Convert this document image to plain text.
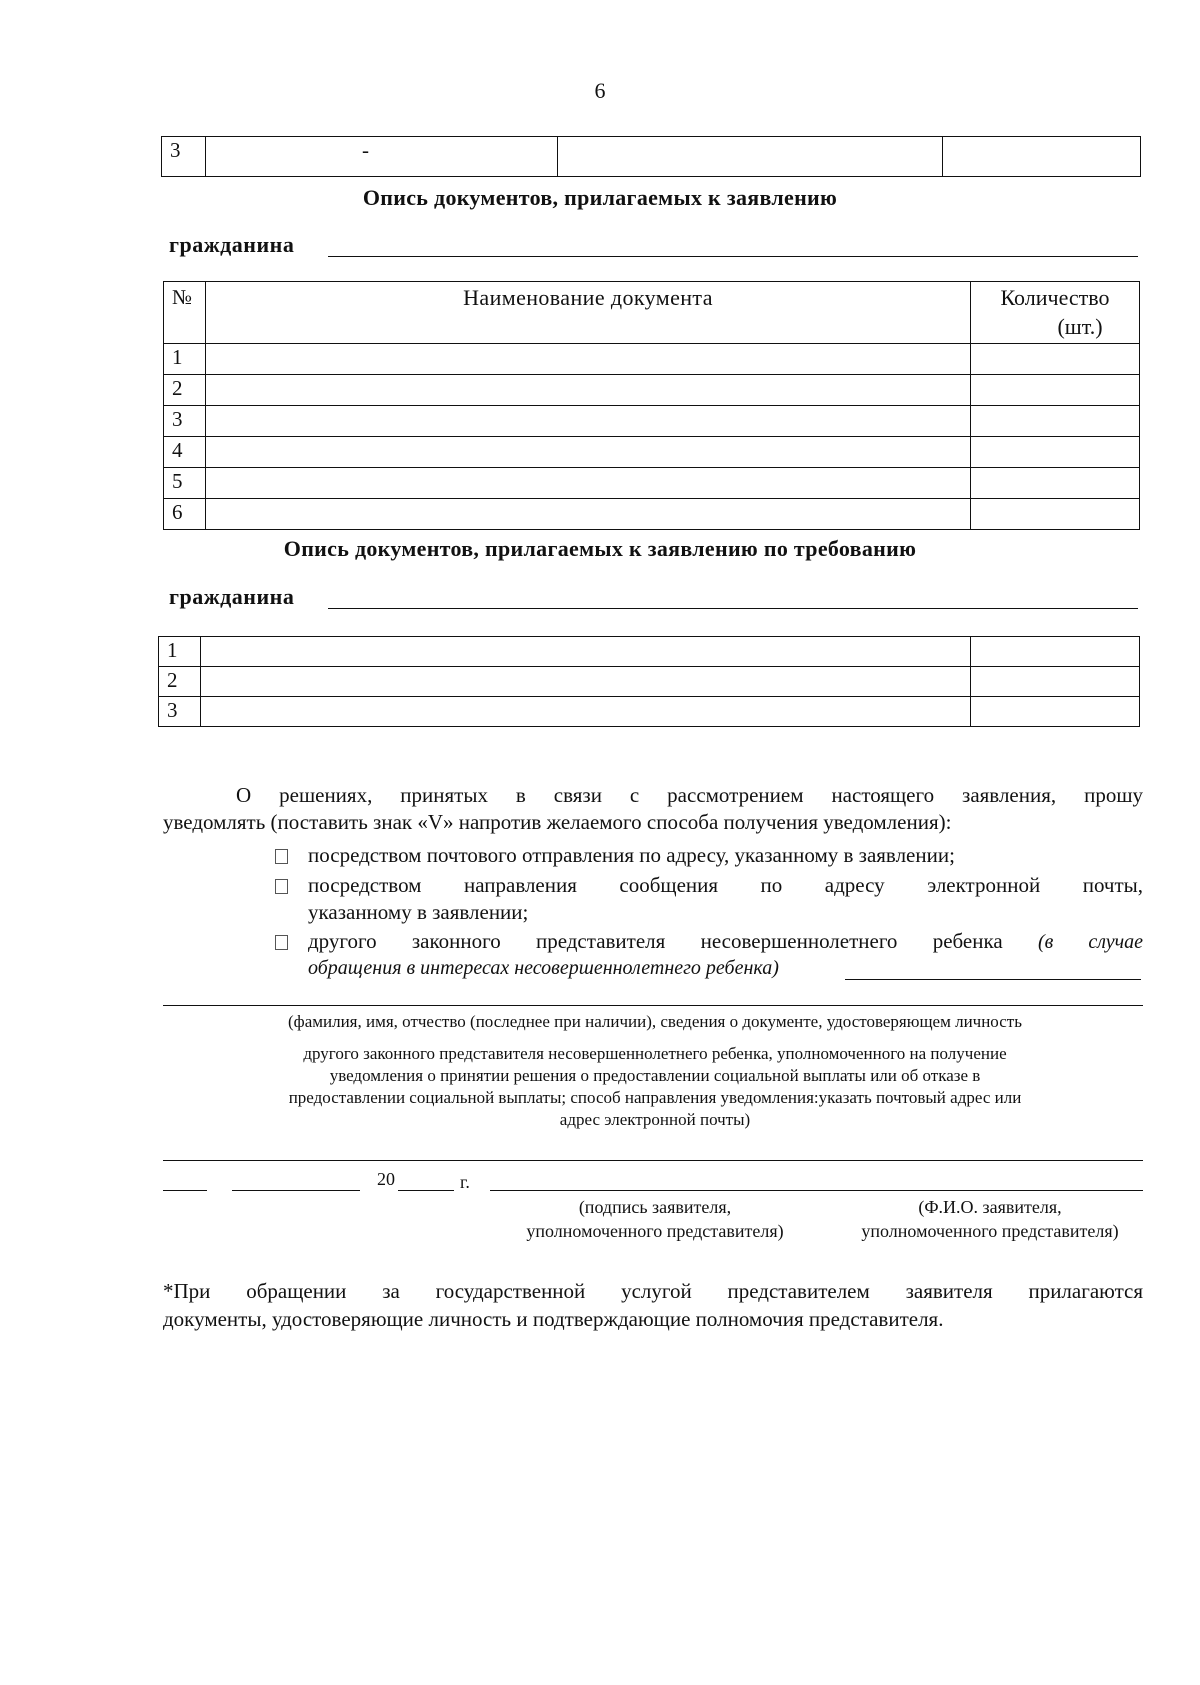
6
3	-		
Опись документов, прилагаемых к заявлению
гражданина
№	Наименование документа	Количество
(шт.)

1		
2		
3		
4		
5		
6		
Опись документов, прилагаемых к заявлению по требованию
гражданина
1		
2		
3		
О решениях, принятых в связи с рассмотрением настоящего заявления, прошу
уведомлять (поставить знак «V» напротив желаемого способа получения уведомления):
посредством почтового отправления по адресу, указанному в заявлении;
посредством направления сообщения по адресу электронной почты,
указанному в заявлении;
другого законного представителя несовершеннолетнего ребенка (в случае
обращения в интересах несовершеннолетнего ребенка)
(фамилия, имя, отчество (последнее при наличии), сведения о документе, удостоверяющем личность
другого законного представителя несовершеннолетнего ребенка, уполномоченного на получение
уведомления о принятии решения о предоставлении социальной выплаты или об отказе в
предоставлении социальной выплаты; способ направления уведомления:указать почтовый адрес или
адрес электронной почты)
20	г.
(подпись заявителя,
уполномоченного представителя)
(Ф.И.О. заявителя,
уполномоченного представителя)
*При обращении за государственной услугой представителем заявителя прилагаются
документы, удостоверяющие личность и подтверждающие полномочия представителя.
